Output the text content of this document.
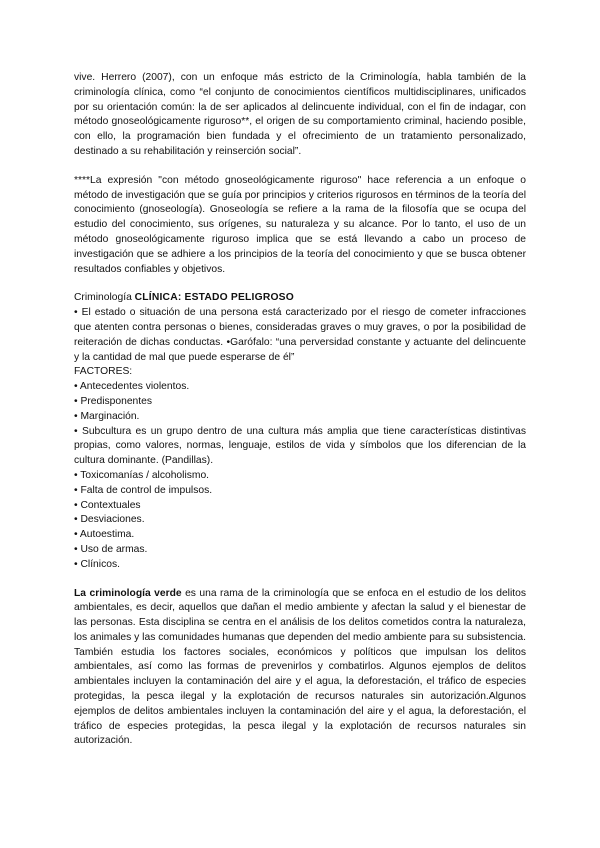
vive. Herrero (2007), con un enfoque más estricto de la Criminología, habla también de la criminología clínica, como “el conjunto de conocimientos científicos multidisciplinares, unificados por su orientación común: la de ser aplicados al delincuente individual, con el fin de indagar, con método gnoseológicamente riguroso**, el origen de su comportamiento criminal, haciendo posible, con ello, la programación bien fundada y el ofrecimiento de un tratamiento personalizado, destinado a su rehabilitación y reinserción social”.

****La expresión "con método gnoseológicamente riguroso" hace referencia a un enfoque o método de investigación que se guía por principios y criterios rigurosos en términos de la teoría del conocimiento (gnoseología). Gnoseología se refiere a la rama de la filosofía que se ocupa del estudio del conocimiento, sus orígenes, su naturaleza y su alcance. Por lo tanto, el uso de un método gnoseológicamente riguroso implica que se está llevando a cabo un proceso de investigación que se adhiere a los principios de la teoría del conocimiento y que se busca obtener resultados confiables y objetivos.

Criminología CLÍNICA: ESTADO PELIGROSO

• El estado o situación de una persona está caracterizado por el riesgo de cometer infracciones que atenten contra personas o bienes, consideradas graves o muy graves, o por la posibilidad de reiteración de dichas conductas. •Garófalo: “una perversidad constante y actuante del delincuente y la cantidad de mal que puede esperarse de él”

FACTORES:
• Antecedentes violentos.
• Predisponentes
• Marginación.

• Subcultura es un grupo dentro de una cultura más amplia que tiene características distintivas propias, como valores, normas, lenguaje, estilos de vida y símbolos que los diferencian de la cultura dominante. (Pandillas).

• Toxicomanías / alcoholismo.
• Falta de control de impulsos.
• Contextuales
• Desviaciones.
• Autoestima.
• Uso de armas.
• Clínicos.

La criminología verde es una rama de la criminología que se enfoca en el estudio de los delitos ambientales, es decir, aquellos que dañan el medio ambiente y afectan la salud y el bienestar de las personas. Esta disciplina se centra en el análisis de los delitos cometidos contra la naturaleza, los animales y las comunidades humanas que dependen del medio ambiente para su subsistencia. También estudia los factores sociales, económicos y políticos que impulsan los delitos ambientales, así como las formas de prevenirlos y combatirlos. Algunos ejemplos de delitos ambientales incluyen la contaminación del aire y el agua, la deforestación, el tráfico de especies protegidas, la pesca ilegal y la explotación de recursos naturales sin autorización.Algunos ejemplos de delitos ambientales incluyen la contaminación del aire y el agua, la deforestación, el tráfico de especies protegidas, la pesca ilegal y la explotación de recursos naturales sin autorización.
